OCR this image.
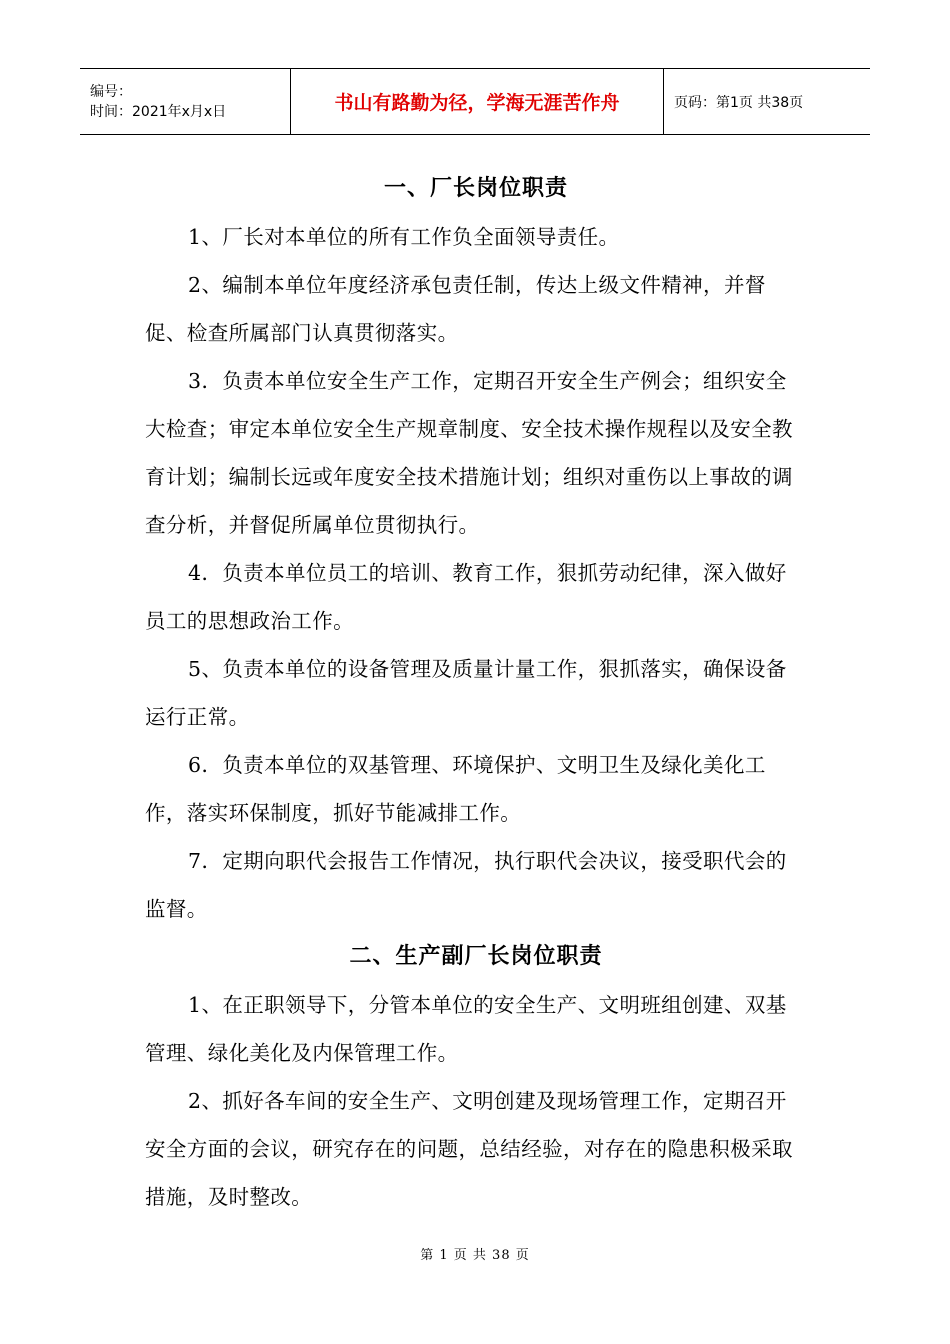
编号：
时间：2021年x月x日	书山有路勤为径，学海无涯苦作舟	页码：第1页 共38页
一、厂长岗位职责

1、厂长对本单位的所有工作负全面领导责任。

2、编制本单位年度经济承包责任制，传达上级文件精神，并督促、检查所属部门认真贯彻落实。

3．负责本单位安全生产工作，定期召开安全生产例会；组织安全大检查；审定本单位安全生产规章制度、安全技术操作规程以及安全教育计划；编制长远或年度安全技术措施计划；组织对重伤以上事故的调查分析，并督促所属单位贯彻执行。

4．负责本单位员工的培训、教育工作，狠抓劳动纪律，深入做好员工的思想政治工作。

5、负责本单位的设备管理及质量计量工作，狠抓落实，确保设备运行正常。

6．负责本单位的双基管理、环境保护、文明卫生及绿化美化工作，落实环保制度，抓好节能减排工作。

7．定期向职代会报告工作情况，执行职代会决议，接受职代会的监督。

二、生产副厂长岗位职责

1、在正职领导下，分管本单位的安全生产、文明班组创建、双基管理、绿化美化及内保管理工作。

2、抓好各车间的安全生产、文明创建及现场管理工作，定期召开安全方面的会议，研究存在的问题，总结经验，对存在的隐患积极采取措施，及时整改。

第 1 页 共 38 页
